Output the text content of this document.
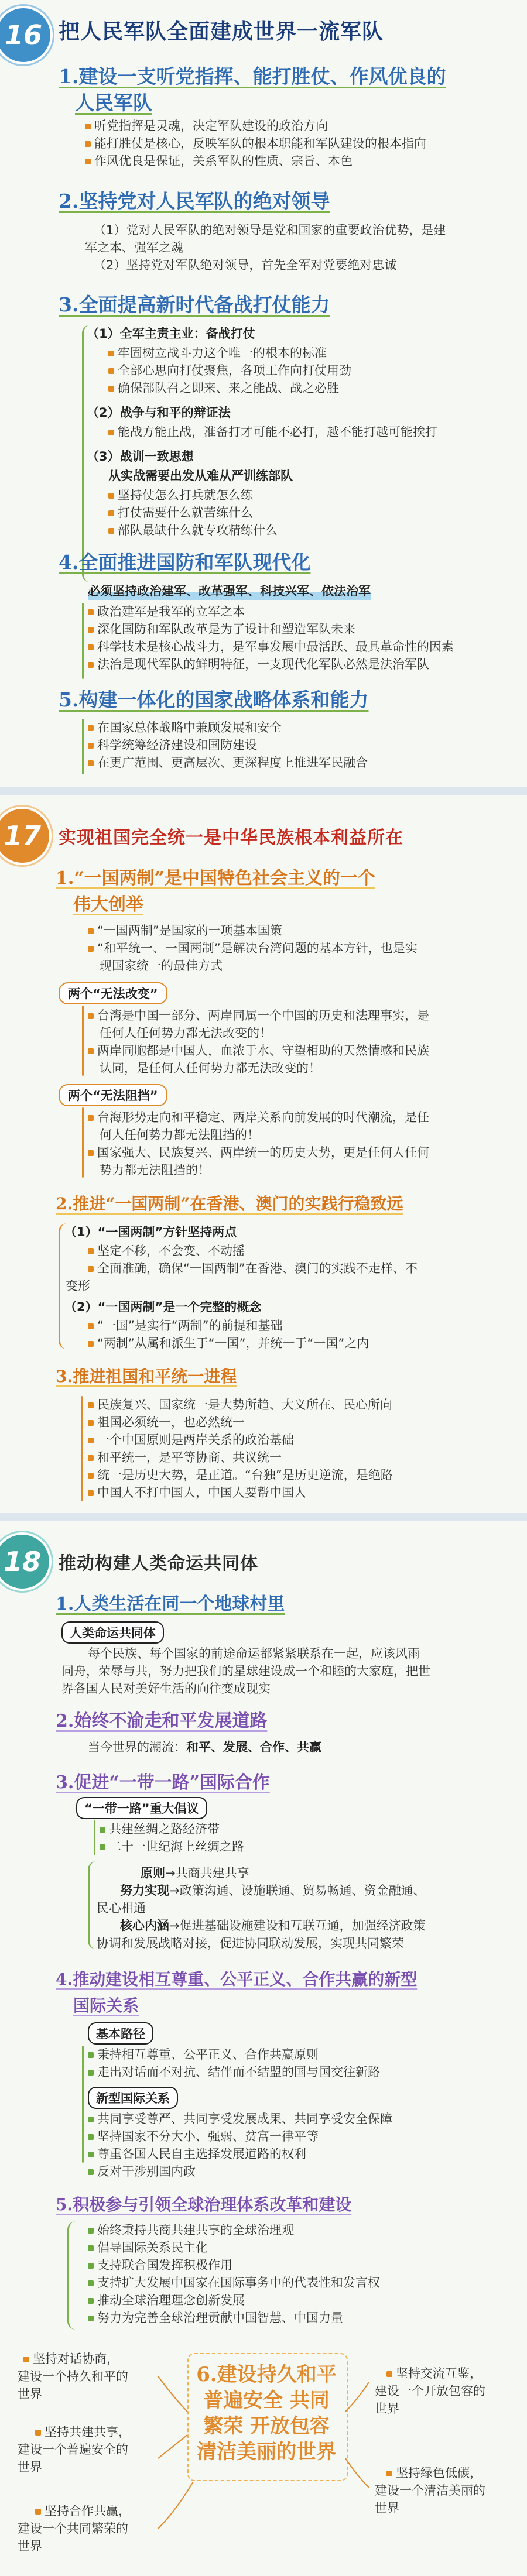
16 把人民军队全面建成世界一流军队
1.建设一支听党指挥、能打胜仗、作风优良的
人民军队
听党指挥是灵魂，决定军队建设的政治方向
能打胜仗是核心，反映军队的根本职能和军队建设的根本指向
作风优良是保证，关系军队的性质、宗旨、本色
2.坚持党对人民军队的绝对领导
（1）党对人民军队的绝对领导是党和国家的重要政治优势，是建
军之本、强军之魂
（2）坚持党对军队绝对领导，首先全军对党要绝对忠诚
3.全面提高新时代备战打仗能力
（1）全军主责主业：备战打仗
牢固树立战斗力这个唯一的根本的标准
全部心思向打仗聚焦，各项工作向打仗用劲
确保部队召之即来、来之能战、战之必胜
（2）战争与和平的辩证法
能战方能止战，准备打才可能不必打，越不能打越可能挨打
（3）战训一致思想
从实战需要出发从难从严训练部队
坚持仗怎么打兵就怎么练
打仗需要什么就苦练什么
部队最缺什么就专攻精练什么
4.全面推进国防和军队现代化
必须坚持政治建军、改革强军、科技兴军、依法治军
政治建军是我军的立军之本
深化国防和军队改革是为了设计和塑造军队未来
科学技术是核心战斗力，是军事发展中最活跃、最具革命性的因素
法治是现代军队的鲜明特征，一支现代化军队必然是法治军队
5.构建一体化的国家战略体系和能力
在国家总体战略中兼顾发展和安全
科学统筹经济建设和国防建设
在更广范围、更高层次、更深程度上推进军民融合
17	实现祖国完全统一是中华民族根本利益所在
1.“一国两制”是中国特色社会主义的一个
伟大创举
“一国两制”是国家的一项基本国策
“和平统一、一国两制”是解决台湾问题的基本方针，也是实
现国家统一的最佳方式
两个“无法改变”
台湾是中国一部分、两岸同属一个中国的历史和法理事实，是
任何人任何势力都无法改变的！
两岸同胞都是中国人，血浓于水、守望相助的天然情感和民族
认同，是任何人任何势力都无法改变的！
两个“无法阻挡”
台海形势走向和平稳定、两岸关系向前发展的时代潮流，是任
何人任何势力都无法阻挡的！
国家强大、民族复兴、两岸统一的历史大势，更是任何人任何
势力都无法阻挡的！
2.推进“一国两制”在香港、澳门的实践行稳致远
（1）“一国两制”方针坚持两点
坚定不移，不会变、不动摇
全面准确，确保“一国两制”在香港、澳门的实践不走样、不
变形
（2）“一国两制”是一个完整的概念
“一国”是实行“两制”的前提和基础
“两制”从属和派生于“一国”，并统一于“一国”之内
3.推进祖国和平统一进程
民族复兴、国家统一是大势所趋、大义所在、民心所向
祖国必须统一，也必然统一
一个中国原则是两岸关系的政治基础
和平统一，是平等协商、共议统一
统一是历史大势，是正道。“台独”是历史逆流，是绝路
中国人不打中国人，中国人要帮中国人
18	推动构建人类命运共同体
1.人类生活在同一个地球村里
人类命运共同体
每个民族、每个国家的前途命运都紧紧联系在一起，应该风雨
同舟，荣辱与共，努力把我们的星球建设成一个和睦的大家庭，把世
界各国人民对美好生活的向往变成现实
2.始终不渝走和平发展道路
当今世界的潮流：和平、发展、合作、共赢
3.促进“一带一路”国际合作
“一带一路”重大倡议
共建丝绸之路经济带
二十一世纪海上丝绸之路
原则→共商共建共享
努力实现→政策沟通、设施联通、贸易畅通、资金融通、
民心相通
核心内涵→促进基础设施建设和互联互通，加强经济政策
协调和发展战略对接，促进协同联动发展，实现共同繁荣
4.推动建设相互尊重、公平正义、合作共赢的新型
国际关系
基本路径
秉持相互尊重、公平正义、合作共赢原则
走出对话而不对抗、结伴而不结盟的国与国交往新路
新型国际关系
共同享受尊严、共同享受发展成果、共同享受安全保障
坚持国家不分大小、强弱、贫富一律平等
尊重各国人民自主选择发展道路的权利
反对干涉别国内政
5.积极参与引领全球治理体系改革和建设
始终秉持共商共建共享的全球治理观
倡导国际关系民主化
支持联合国发挥积极作用
支持扩大发展中国家在国际事务中的代表性和发言权
推动全球治理理念创新发展
努力为完善全球治理贡献中国智慧、中国力量
6.建设持久和平
普遍安全 共同
繁荣 开放包容
清洁美丽的世界
坚持对话协商，
建设一个持久和平的
世界
坚持共建共享，
建设一个普遍安全的
世界
坚持合作共赢，
建设一个共同繁荣的
世界
坚持交流互鉴，
建设一个开放包容的
世界
坚持绿色低碳，
建设一个清洁美丽的
世界
